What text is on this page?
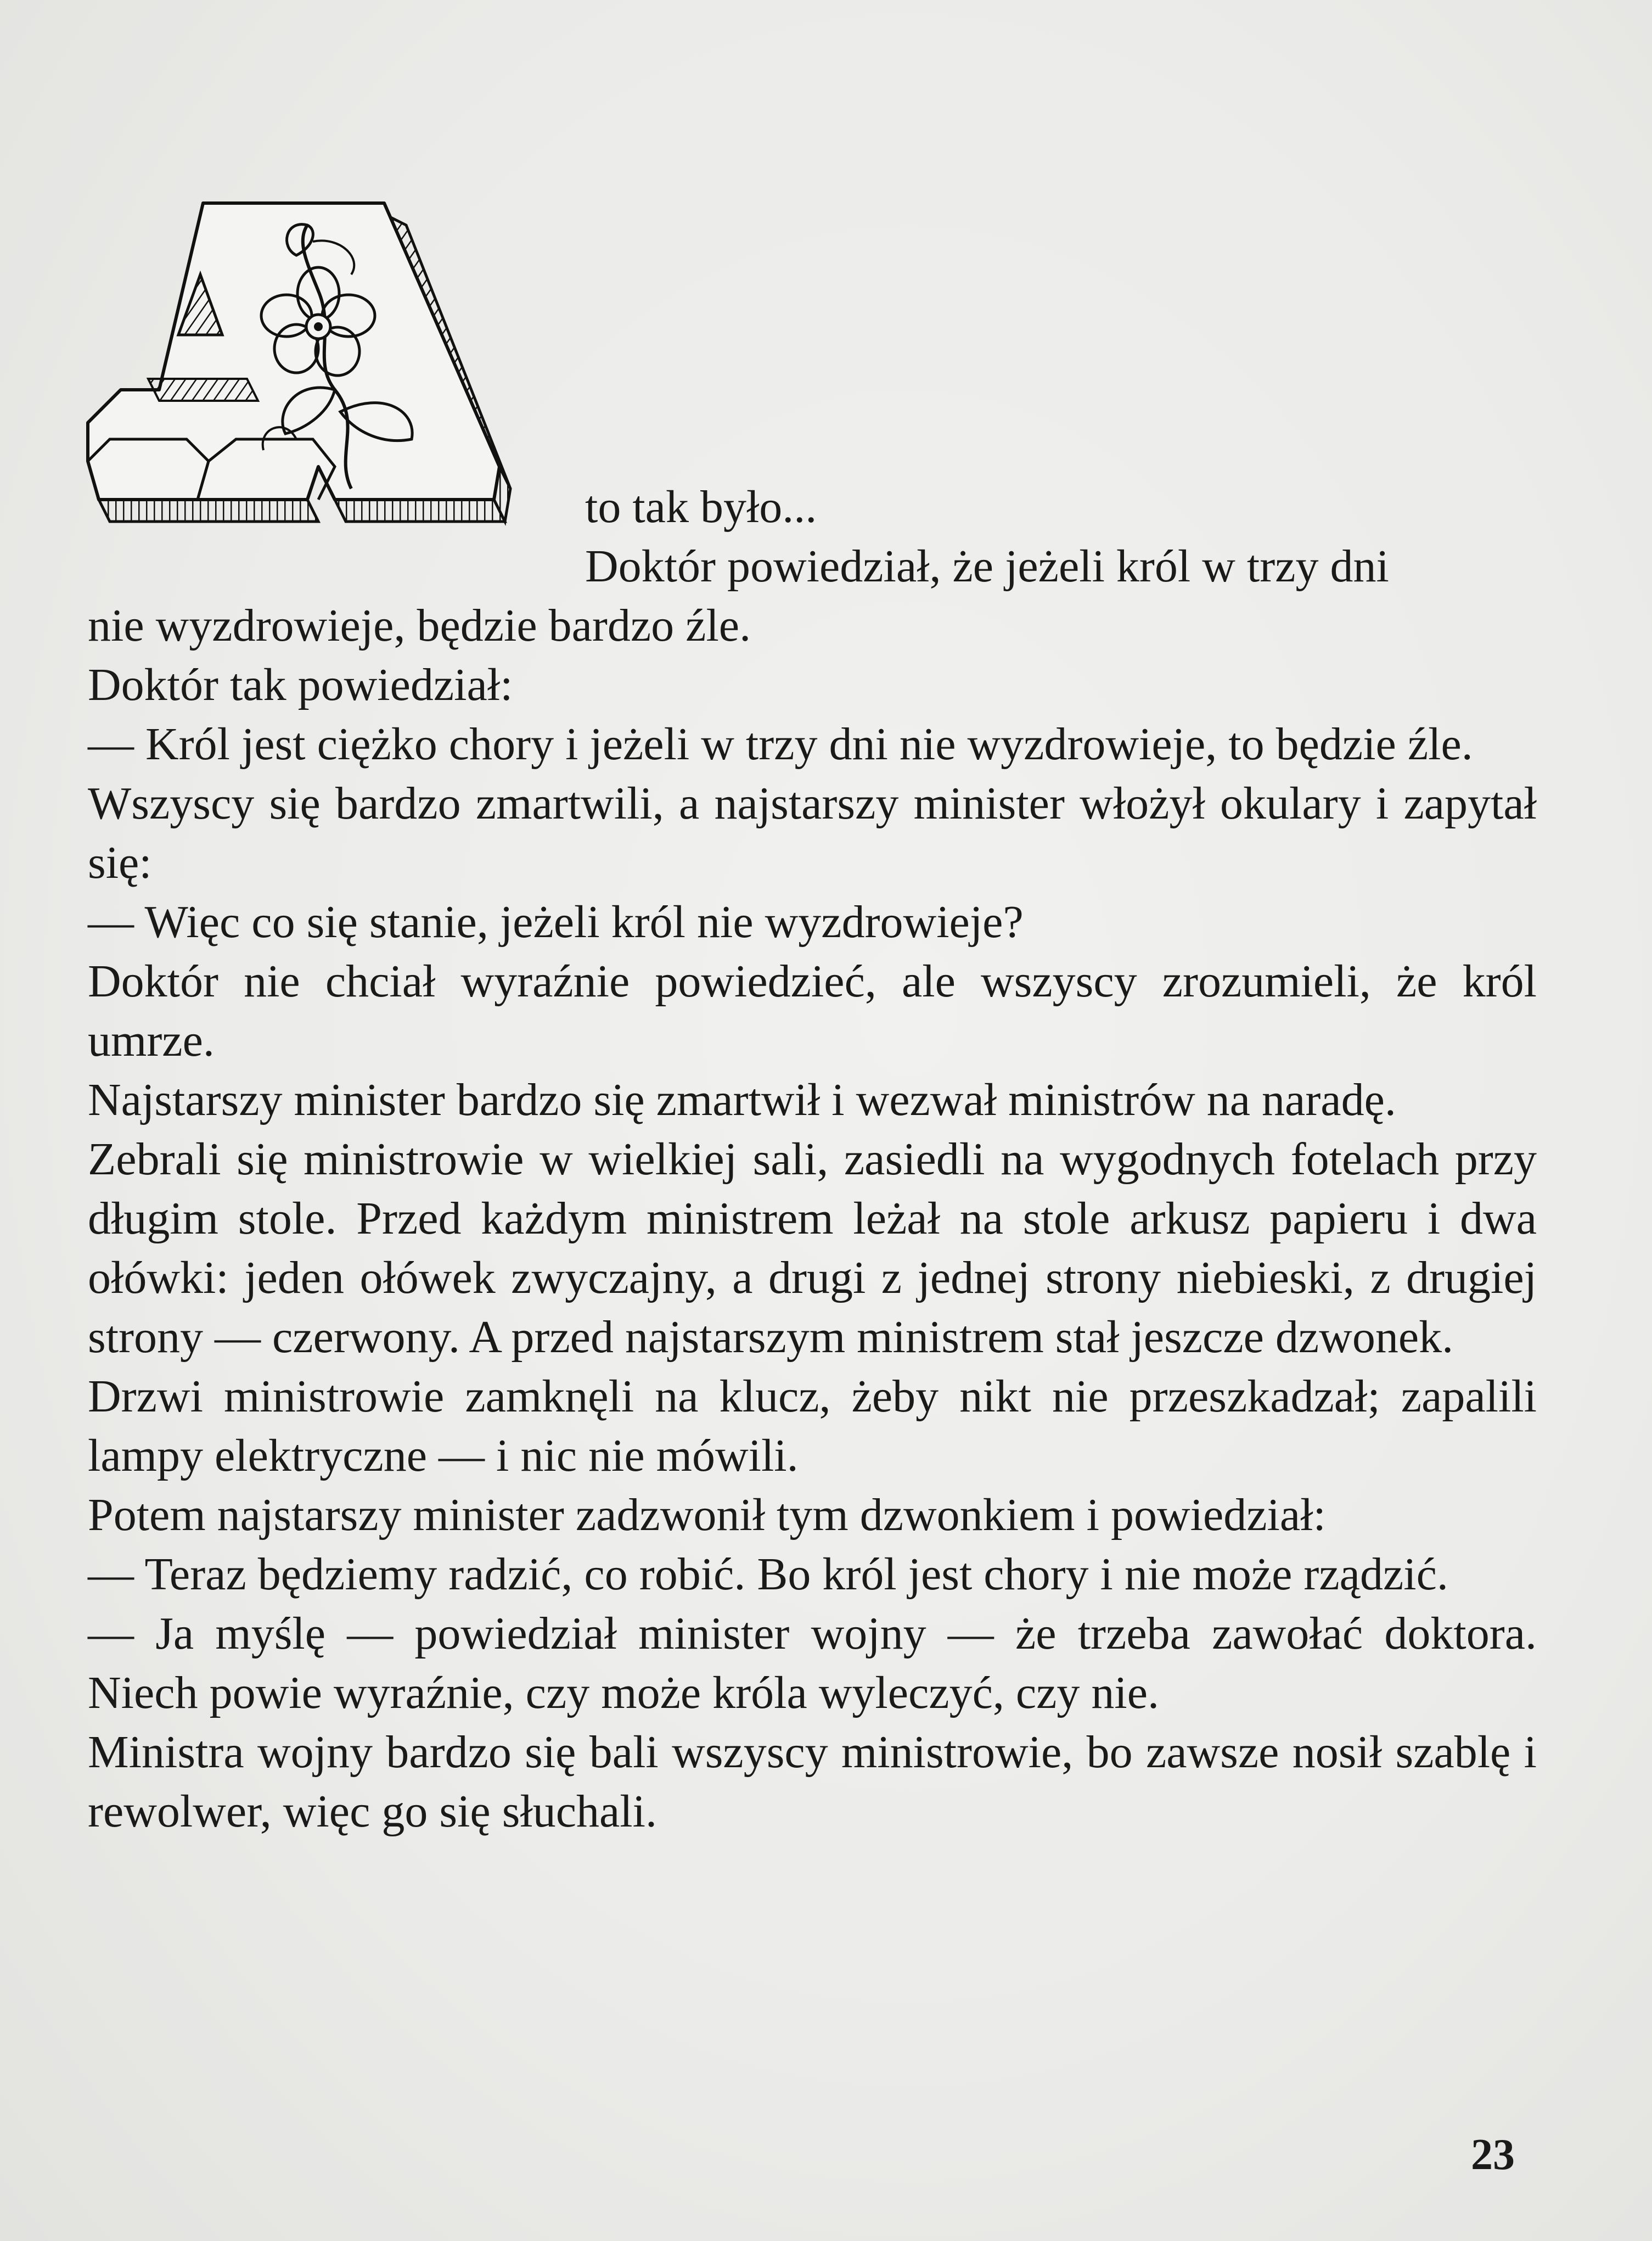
to tak było...

Doktór powiedział, że jeżeli król w trzy dni

nie wyzdrowieje, będzie bardzo źle.

Doktór tak powiedział:

— Król jest ciężko chory i jeżeli w trzy dni nie wyzdrowieje, to będzie źle.

Wszyscy się bardzo zmartwili, a najstarszy minister włożył okulary i zapytał się:

— Więc co się stanie, jeżeli król nie wyzdrowieje?

Doktór nie chciał wyraźnie powiedzieć, ale wszyscy zrozumieli, że król umrze.

Najstarszy minister bardzo się zmartwił i wezwał ministrów na naradę.

Zebrali się ministrowie w wielkiej sali, zasiedli na wygodnych fotelach przy długim stole. Przed każdym ministrem leżał na stole arkusz papieru i dwa ołówki: jeden ołówek zwyczajny, a drugi z jednej strony niebieski, z drugiej strony — czerwony. A przed najstarszym ministrem stał jeszcze dzwonek.

Drzwi ministrowie zamknęli na klucz, żeby nikt nie przeszkadzał; zapalili lampy elektryczne — i nic nie mówili.

Potem najstarszy minister zadzwonił tym dzwonkiem i powiedział:

— Teraz będziemy radzić, co robić. Bo król jest chory i nie może rządzić.

— Ja myślę — powiedział minister wojny — że trzeba zawołać doktora. Niech powie wyraźnie, czy może króla wyleczyć, czy nie.

Ministra wojny bardzo się bali wszyscy ministrowie, bo zawsze nosił szablę i rewolwer, więc go się słuchali.

23
